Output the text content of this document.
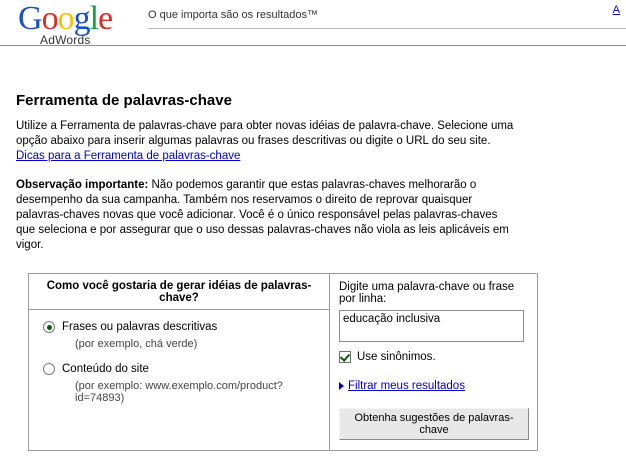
Google
AdWords
O que importa são os resultados™	A
Ferramenta de palavras-chave

Utilize a Ferramenta de palavras-chave para obter novas idéias de palavra-chave. Selecione uma opção abaixo para inserir algumas palavras ou frases descritivas ou digite o URL do seu site. Dicas para a Ferramenta de palavras-chave

Observação importante: Não podemos garantir que estas palavras-chaves melhorarão o desempenho da sua campanha. Também nos reservamos o direito de reprovar quaisquer palavras-chaves novas que você adicionar. Você é o único responsável pelas palavras-chaves que seleciona e por assegurar que o uso dessas palavras-chaves não viola as leis aplicáveis em vigor.

Como você gostaria de gerar idéias de palavras-chave?
Frases ou palavras descritivas
(por exemplo, chá verde)
Conteúdo do site
(por exemplo: www.exemplo.com/product?id=74893)
Digite uma palavra-chave ou frase por linha:
educação inclusiva
Use sinônimos.
Filtrar meus resultados
Obtenha sugestões de palavras-chave
